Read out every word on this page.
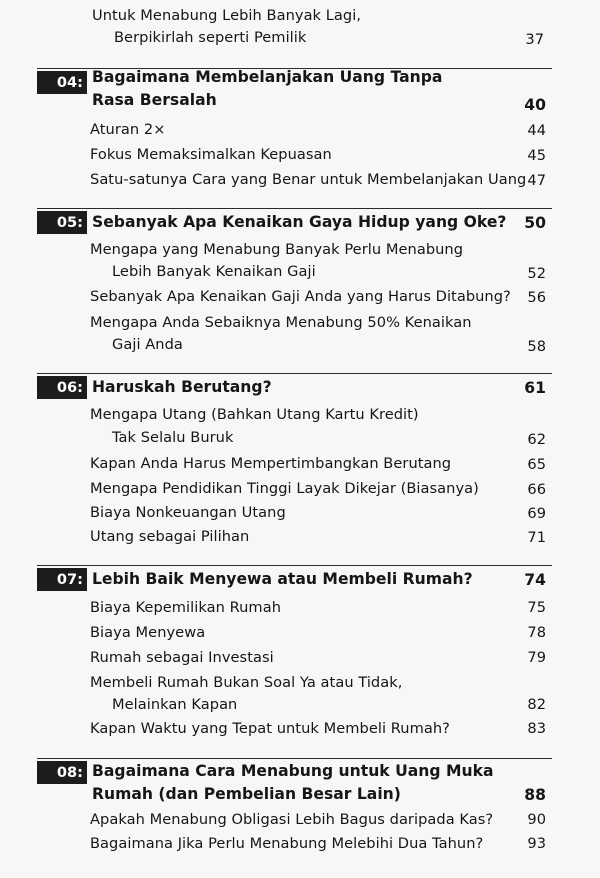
Untuk Menabung Lebih Banyak Lagi,
Berpikirlah seperti Pemilik	37
04: Bagaimana Membelanjakan Uang Tanpa
Rasa Bersalah	40
Aturan 2×	44
Fokus Memaksimalkan Kepuasan	45
Satu-satunya Cara yang Benar untuk Membelanjakan Uang 47
05: Sebanyak Apa Kenaikan Gaya Hidup yang Oke?	50
Mengapa yang Menabung Banyak Perlu Menabung
Lebih Banyak Kenaikan Gaji	52
Sebanyak Apa Kenaikan Gaji Anda yang Harus Ditabung?	56
Mengapa Anda Sebaiknya Menabung 50% Kenaikan
Gaji Anda	58
06: Haruskah Berutang?	61
Mengapa Utang (Bahkan Utang Kartu Kredit)
Tak Selalu Buruk	62
Kapan Anda Harus Mempertimbangkan Berutang	65
Mengapa Pendidikan Tinggi Layak Dikejar (Biasanya)	66
Biaya Nonkeuangan Utang	69
Utang sebagai Pilihan	71
07: Lebih Baik Menyewa atau Membeli Rumah?	74
Biaya Kepemilikan Rumah	75
Biaya Menyewa	78
Rumah sebagai Investasi	79
Membeli Rumah Bukan Soal Ya atau Tidak,
Melainkan Kapan	82
Kapan Waktu yang Tepat untuk Membeli Rumah?	83
08: Bagaimana Cara Menabung untuk Uang Muka
Rumah (dan Pembelian Besar Lain)	88
Apakah Menabung Obligasi Lebih Bagus daripada Kas?	90
Bagaimana Jika Perlu Menabung Melebihi Dua Tahun?	93
